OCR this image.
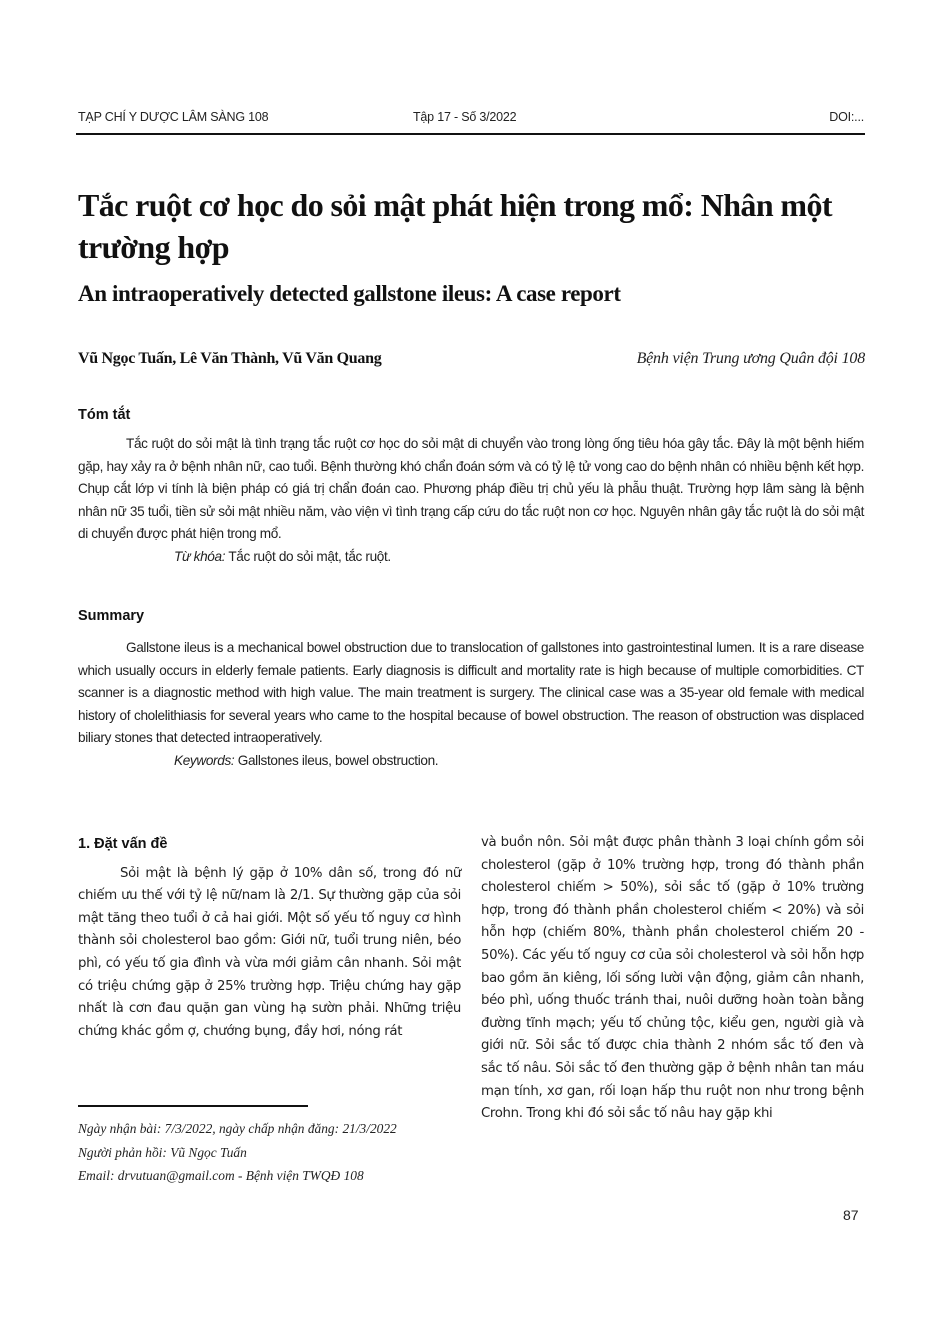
TẠP CHÍ Y DƯỢC LÂM SÀNG 108	Tập 17 - Số 3/2022	DOI:...
Tắc ruột cơ học do sỏi mật phát hiện trong mổ: Nhân một trường hợp
An intraoperatively detected gallstone ileus: A case report
Vũ Ngọc Tuấn, Lê Văn Thành, Vũ Văn Quang	Bệnh viện Trung ương Quân đội 108
Tóm tắt

Tắc ruột do sỏi mật là tình trạng tắc ruột cơ học do sỏi mật di chuyển vào trong lòng ống tiêu hóa gây tắc. Đây là một bệnh hiếm gặp, hay xảy ra ở bệnh nhân nữ, cao tuổi. Bệnh thường khó chẩn đoán sớm và có tỷ lệ tử vong cao do bệnh nhân có nhiều bệnh kết hợp. Chụp cắt lớp vi tính là biện pháp có giá trị chẩn đoán cao. Phương pháp điều trị chủ yếu là phẫu thuật. Trường hợp lâm sàng là bệnh nhân nữ 35 tuổi, tiền sử sỏi mật nhiều năm, vào viện vì tình trạng cấp cứu do tắc ruột non cơ học. Nguyên nhân gây tắc ruột là do sỏi mật di chuyển được phát hiện trong mổ.

Từ khóa: Tắc ruột do sỏi mật, tắc ruột.

Summary

Gallstone ileus is a mechanical bowel obstruction due to translocation of gallstones into gastrointestinal lumen. It is a rare disease which usually occurs in elderly female patients. Early diagnosis is difficult and mortality rate is high because of multiple comorbidities. CT scanner is a diagnostic method with high value. The main treatment is surgery. The clinical case was a 35-year old female with medical history of cholelithiasis for several years who came to the hospital because of bowel obstruction. The reason of obstruction was displaced biliary stones that detected intraoperatively.

Keywords: Gallstones ileus, bowel obstruction.

1. Đặt vấn đề

Sỏi mật là bệnh lý gặp ở 10% dân số, trong đó nữ chiếm ưu thế với tỷ lệ nữ/nam là 2/1. Sự thường gặp của sỏi mật tăng theo tuổi ở cả hai giới. Một số yếu tố nguy cơ hình thành sỏi cholesterol bao gồm: Giới nữ, tuổi trung niên, béo phì, có yếu tố gia đình và vừa mới giảm cân nhanh. Sỏi mật có triệu chứng gặp ở 25% trường hợp. Triệu chứng hay gặp nhất là cơn đau quặn gan vùng hạ sườn phải. Những triệu chứng khác gồm ợ, chướng bụng, đầy hơi, nóng rát

và buồn nôn. Sỏi mật được phân thành 3 loại chính gồm sỏi cholesterol (gặp ở 10% trường hợp, trong đó thành phần cholesterol chiếm > 50%), sỏi sắc tố (gặp ở 10% trường hợp, trong đó thành phần cholesterol chiếm < 20%) và sỏi hỗn hợp (chiếm 80%, thành phần cholesterol chiếm 20 - 50%). Các yếu tố nguy cơ của sỏi cholesterol và sỏi hỗn hợp bao gồm ăn kiêng, lối sống lười vận động, giảm cân nhanh, béo phì, uống thuốc tránh thai, nuôi dưỡng hoàn toàn bằng đường tĩnh mạch; yếu tố chủng tộc, kiểu gen, người già và giới nữ. Sỏi sắc tố được chia thành 2 nhóm sắc tố đen và sắc tố nâu. Sỏi sắc tố đen thường gặp ở bệnh nhân tan máu mạn tính, xơ gan, rối loạn hấp thu ruột non như trong bệnh Crohn. Trong khi đó sỏi sắc tố nâu hay gặp khi

Ngày nhận bài: 7/3/2022, ngày chấp nhận đăng: 21/3/2022
Người phản hồi: Vũ Ngọc Tuấn
Email: drvutuan@gmail.com - Bệnh viện TWQĐ 108
87
